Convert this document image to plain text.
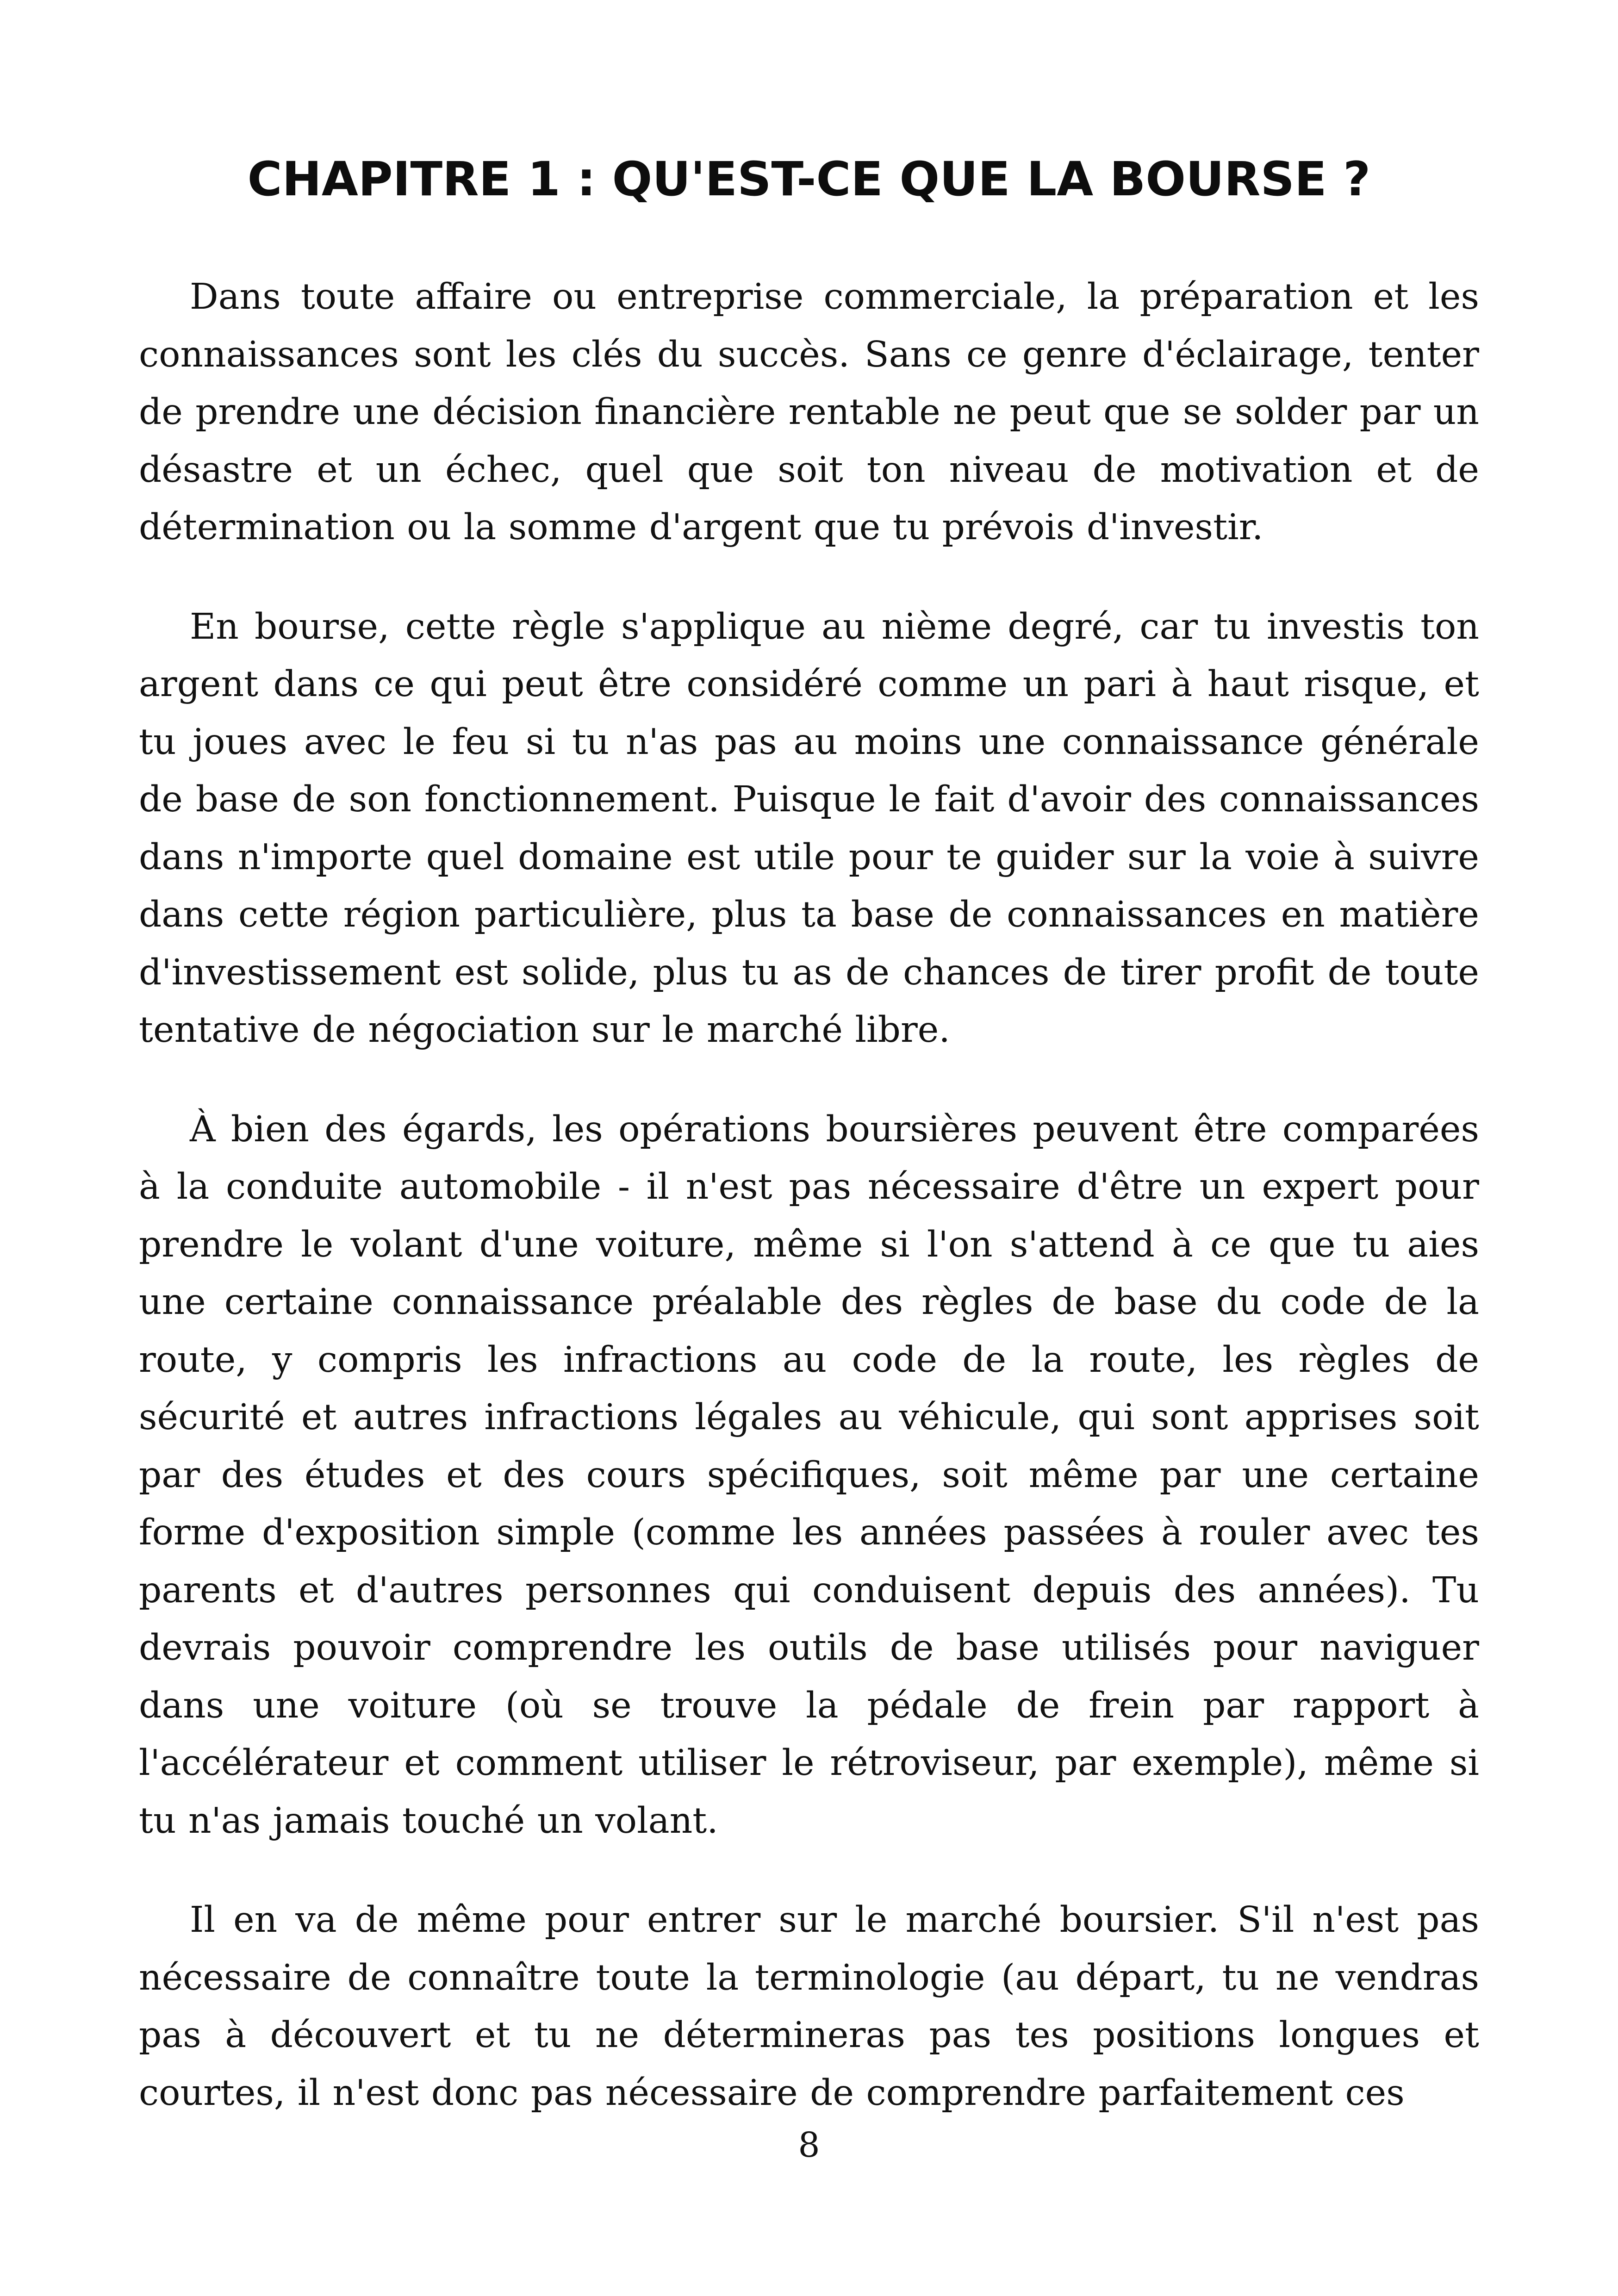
CHAPITRE 1 : QU'EST-CE QUE LA BOURSE ?

Dans toute affaire ou entreprise commerciale, la préparation et les connaissances sont les clés du succès. Sans ce genre d'éclairage, tenter de prendre une décision financière rentable ne peut que se solder par un désastre et un échec, quel que soit ton niveau de motivation et de détermination ou la somme d'argent que tu prévois d'investir.

En bourse, cette règle s'applique au nième degré, car tu investis ton argent dans ce qui peut être considéré comme un pari à haut risque, et tu joues avec le feu si tu n'as pas au moins une connaissance générale de base de son fonctionnement. Puisque le fait d'avoir des connaissances dans n'importe quel domaine est utile pour te guider sur la voie à suivre dans cette région particulière, plus ta base de connaissances en matière d'investissement est solide, plus tu as de chances de tirer profit de toute tentative de négociation sur le marché libre.

À bien des égards, les opérations boursières peuvent être comparées à la conduite automobile - il n'est pas nécessaire d'être un expert pour prendre le volant d'une voiture, même si l'on s'attend à ce que tu aies une certaine connaissance préalable des règles de base du code de la route, y compris les infractions au code de la route, les règles de sécurité et autres infractions légales au véhicule, qui sont apprises soit par des études et des cours spécifiques, soit même par une certaine forme d'exposition simple (comme les années passées à rouler avec tes parents et d'autres personnes qui conduisent depuis des années). Tu devrais pouvoir comprendre les outils de base utilisés pour naviguer dans une voiture (où se trouve la pédale de frein par rapport à l'accélérateur et comment utiliser le rétroviseur, par exemple), même si tu n'as jamais touché un volant.

Il en va de même pour entrer sur le marché boursier. S'il n'est pas nécessaire de connaître toute la terminologie (au départ, tu ne vendras pas à découvert et tu ne détermineras pas tes positions longues et courtes, il n'est donc pas nécessaire de comprendre parfaitement ces

8
